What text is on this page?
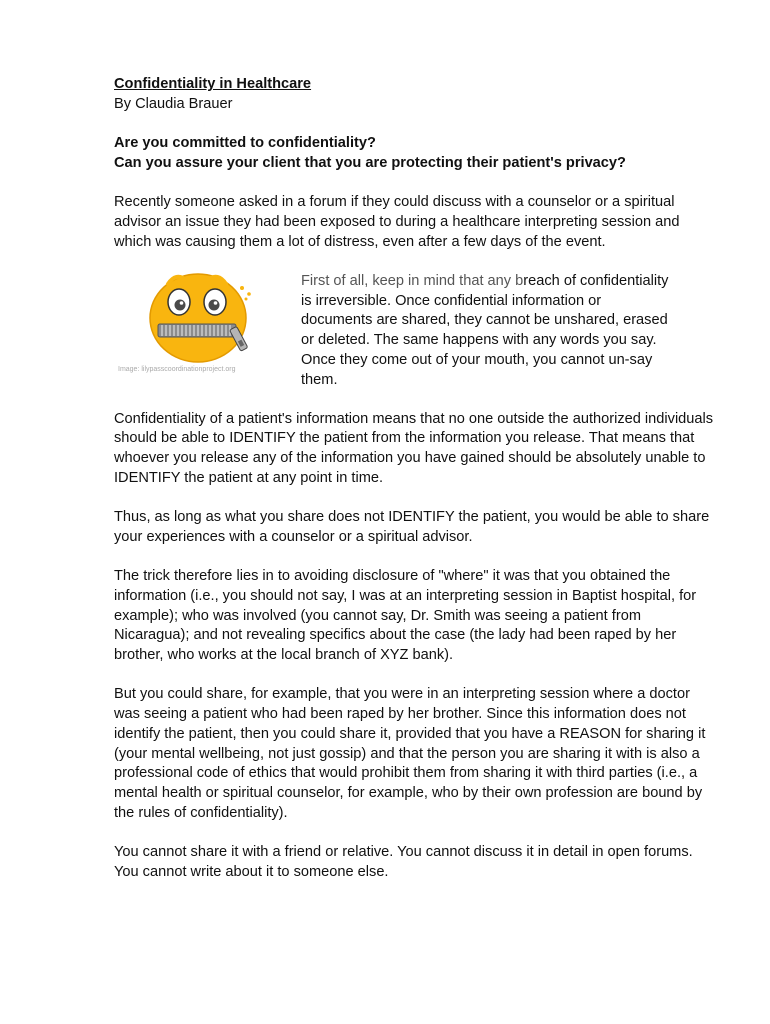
Confidentiality in Healthcare
By Claudia Brauer
Are you committed to confidentiality?
Can you assure your client that you are protecting their patient's privacy?

Recently someone asked in a forum if they could discuss with a counselor or a spiritual advisor an issue they had been exposed to during a healthcare interpreting session and which was causing them a lot of distress, even after a few days of the event.

Image: lilypasscoordinationproject.org
First of all, keep in mind that any breach of confidentiality is irreversible. Once confidential information or documents are shared, they cannot be unshared, erased or deleted. The same happens with any words you say. Once they come out of your mouth, you cannot un-say them.

Confidentiality of a patient's information means that no one outside the authorized individuals should be able to IDENTIFY the patient from the information you release. That means that whoever you release any of the information you have gained should be absolutely unable to IDENTIFY the patient at any point in time.

Thus, as long as what you share does not IDENTIFY the patient, you would be able to share your experiences with a counselor or a spiritual advisor.

The trick therefore lies in to avoiding disclosure of "where" it was that you obtained the information (i.e., you should not say, I was at an interpreting session in Baptist hospital, for example); who was involved (you cannot say, Dr. Smith was seeing a patient from Nicaragua); and not revealing specifics about the case (the lady had been raped by her brother, who works at the local branch of XYZ bank).

But you could share, for example, that you were in an interpreting session where a doctor was seeing a patient who had been raped by her brother. Since this information does not identify the patient, then you could share it, provided that you have a REASON for sharing it (your mental wellbeing, not just gossip) and that the person you are sharing it with is also a professional code of ethics that would prohibit them from sharing it with third parties (i.e., a mental health or spiritual counselor, for example, who by their own profession are bound by the rules of confidentiality).

You cannot share it with a friend or relative. You cannot discuss it in detail in open forums. You cannot write about it to someone else.
